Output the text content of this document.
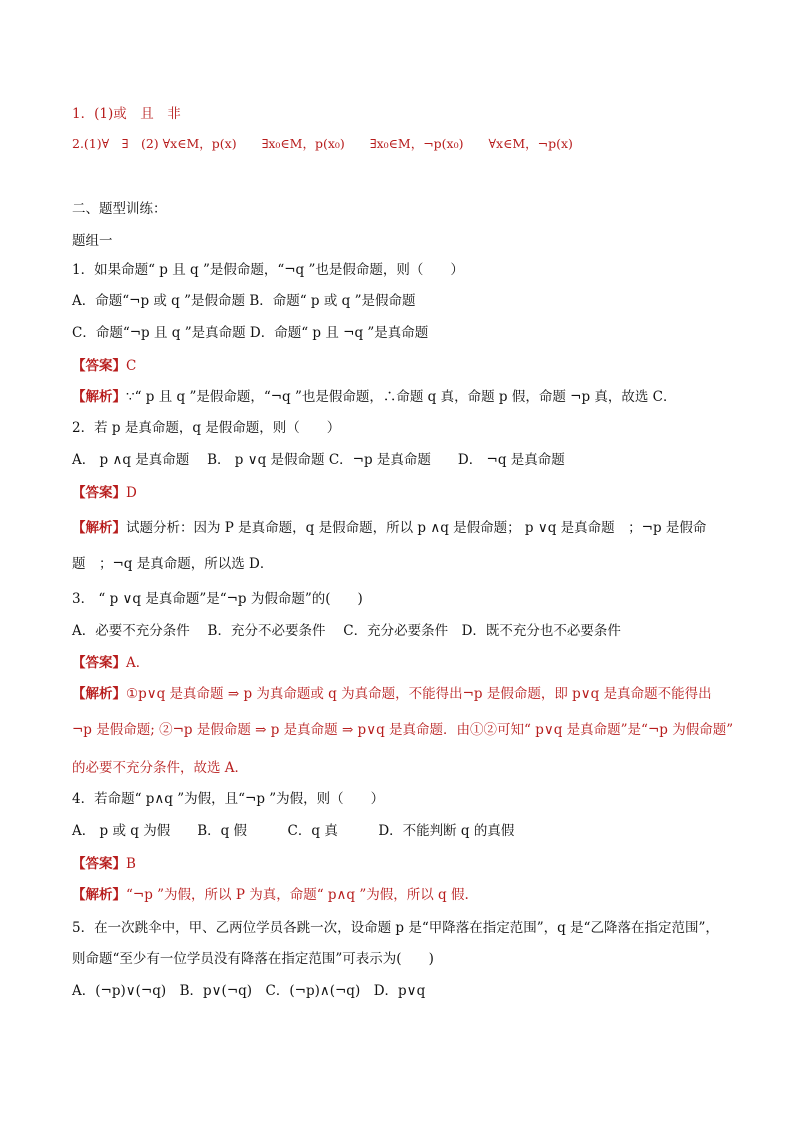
1．(1)或　且　非
2.(1)∀　∃　(2) ∀x∈M，p(x)　　∃x₀∈M，p(x₀)　　∃x₀∈M，¬p(x₀)　　∀x∈M，¬p(x)
二、题型训练：
题组一
1．如果命题“ p 且 q ”是假命题，“¬q ”也是假命题，则（　　）
A．命题“¬p 或 q ”是假命题 B．命题“ p 或 q ”是假命题
C．命题“¬p 且 q ”是真命题 D．命题“ p 且 ¬q ”是真命题
【答案】C
【解析】∵“ p 且 q ”是假命题，“¬q ”也是假命题，∴命题 q 真，命题 p 假，命题 ¬p 真，故选 C．
2．若 p 是真命题，q 是假命题，则（　　）
A． p ∧q 是真命题　 B． p ∨q 是假命题 C．¬p 是真命题　　D． ¬q 是真命题
【答案】D
【解析】试题分析：因为 P 是真命题，q 是假命题，所以 p ∧q 是假命题； p ∨q 是真命题　；¬p 是假命
题　；¬q 是真命题，所以选 D．
3． “ p ∨q 是真命题”是“¬p 为假命题”的(　　)
A．必要不充分条件　 B．充分不必要条件　 C．充分必要条件　D．既不充分也不必要条件
【答案】A．
【解析】①p∨q 是真命题 ⇒ p 为真命题或 q 为真命题，不能得出¬p 是假命题，即 p∨q 是真命题不能得出
¬p 是假命题; ②¬p 是假命题 ⇒ p 是真命题 ⇒ p∨q 是真命题．由①②可知“ p∨q 是真命题”是“¬p 为假命题”
的必要不充分条件，故选 A．
4．若命题“ p∧q ”为假，且“¬p ”为假，则（　　）
A． p 或 q 为假　　B．q 假　　　C．q 真　　　D．不能判断 q 的真假
【答案】B
【解析】“¬p ”为假，所以 P 为真，命题“ p∧q ”为假，所以 q 假.
5．在一次跳伞中，甲、乙两位学员各跳一次，设命题 p 是“甲降落在指定范围”，q 是“乙降落在指定范围”，
则命题“至少有一位学员没有降落在指定范围”可表示为(　　)
A．(¬p)∨(¬q)　B．p∨(¬q)　C．(¬p)∧(¬q)　D．p∨q
